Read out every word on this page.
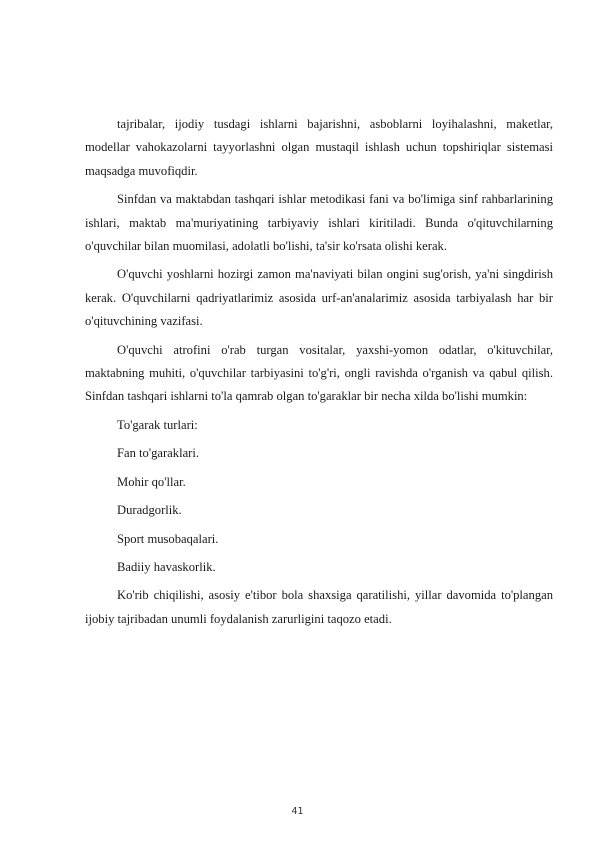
tajribalar, ijodiy tusdagi ishlarni bajarishni, asboblarni loyihalashni, maketlar, modellar vahokazolarni tayyorlashni olgan mustaqil ishlash uchun topshiriqlar sistemasi maqsadga muvofiqdir.

Sinfdan va maktabdan tashqari ishlar metodikasi fani va bo'limiga sinf rahbarlarining ishlari, maktab ma'muriyatining tarbiyaviy ishlari kiritiladi. Bunda o'qituvchilarning o'quvchilar bilan muomilasi, adolatli bo'lishi, ta'sir ko'rsata olishi kerak.

O'quvchi yoshlarni hozirgi zamon ma'naviyati bilan ongini sug'orish, ya'ni singdirish kerak. O'quvchilarni qadriyatlarimiz asosida urf-an'analarimiz asosida tarbiyalash har bir o'qituvchining vazifasi.

O'quvchi atrofini o'rab turgan vositalar, yaxshi-yomon odatlar, o'kituvchilar, maktabning muhiti, o'quvchilar tarbiyasini to'g'ri, ongli ravishda o'rganish va qabul qilish. Sinfdan tashqari ishlarni to'la qamrab olgan to'garaklar bir necha xilda bo'lishi mumkin:

To'garak turlari:

Fan to'garaklari.

Mohir qo'llar.

Duradgorlik.

Sport musobaqalari.

Badiiy havaskorlik.

Ko'rib chiqilishi, asosiy e'tibor bola shaxsiga qaratilishi, yillar davomida to'plangan ijobiy tajribadan unumli foydalanish zarurligini taqozo etadi.

41
